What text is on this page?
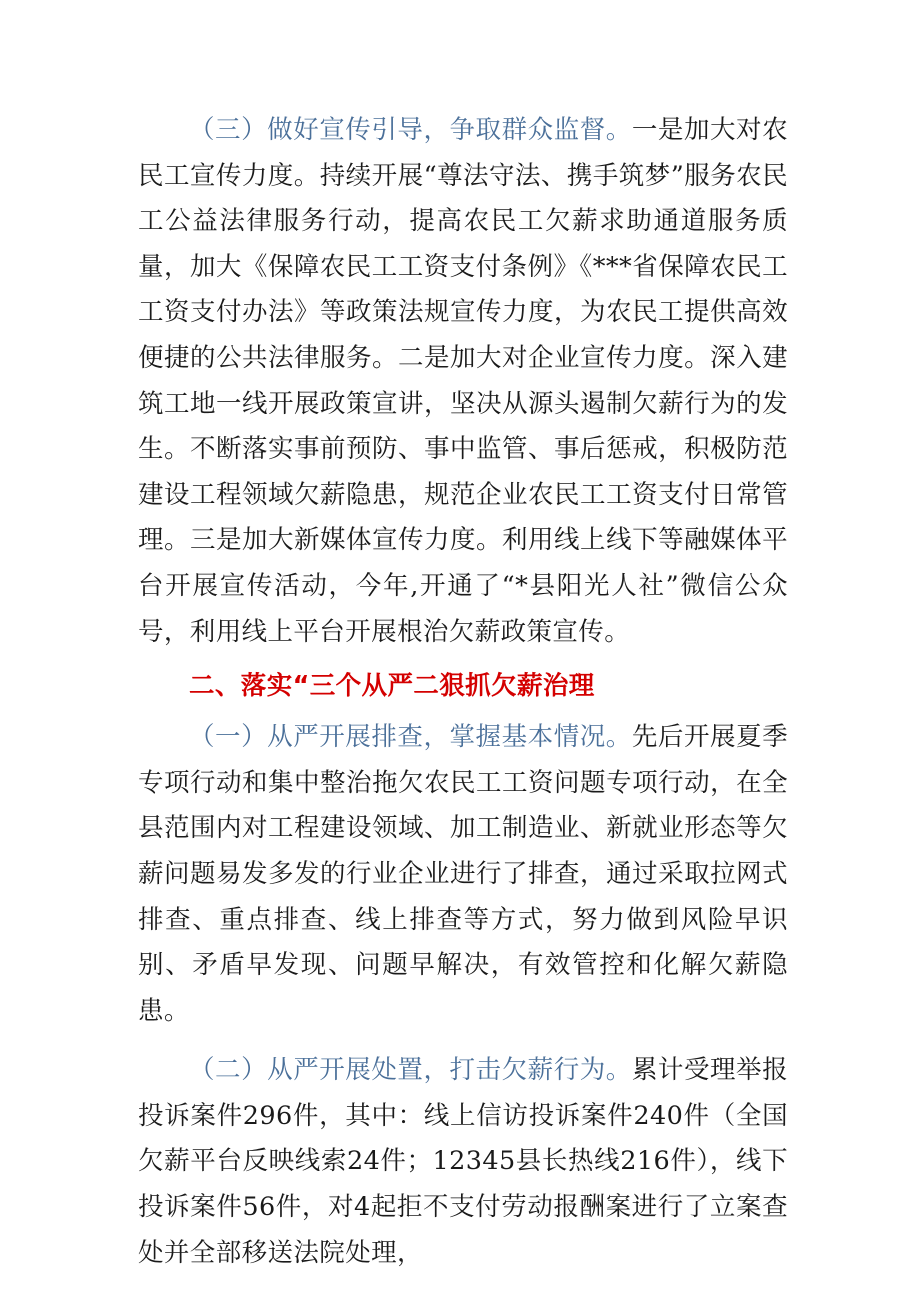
（三）做好宣传引导，争取群众监督。一是加大对农民工宣传力度。持续开展“尊法守法、携手筑梦”服务农民工公益法律服务行动，提高农民工欠薪求助通道服务质量，加大《保障农民工工资支付条例》《***省保障农民工工资支付办法》等政策法规宣传力度，为农民工提供高效便捷的公共法律服务。二是加大对企业宣传力度。深入建筑工地一线开展政策宣讲，坚决从源头遏制欠薪行为的发生。不断落实事前预防、事中监管、事后惩戒，积极防范建设工程领域欠薪隐患，规范企业农民工工资支付日常管理。三是加大新媒体宣传力度。利用线上线下等融媒体平台开展宣传活动，今年,开通了“*县阳光人社”微信公众号，利用线上平台开展根治欠薪政策宣传。

二、落实“三个从严二狠抓欠薪治理

（一）从严开展排查，掌握基本情况。先后开展夏季专项行动和集中整治拖欠农民工工资问题专项行动，在全县范围内对工程建设领域、加工制造业、新就业形态等欠薪问题易发多发的行业企业进行了排查，通过采取拉网式排查、重点排查、线上排查等方式，努力做到风险早识别、矛盾早发现、问题早解决，有效管控和化解欠薪隐患。

（二）从严开展处置，打击欠薪行为。累计受理举报投诉案件296件，其中：线上信访投诉案件240件（全国欠薪平台反映线索24件；12345县长热线216件），线下投诉案件56件，对4起拒不支付劳动报酬案进行了立案查处并全部移送法院处理，
